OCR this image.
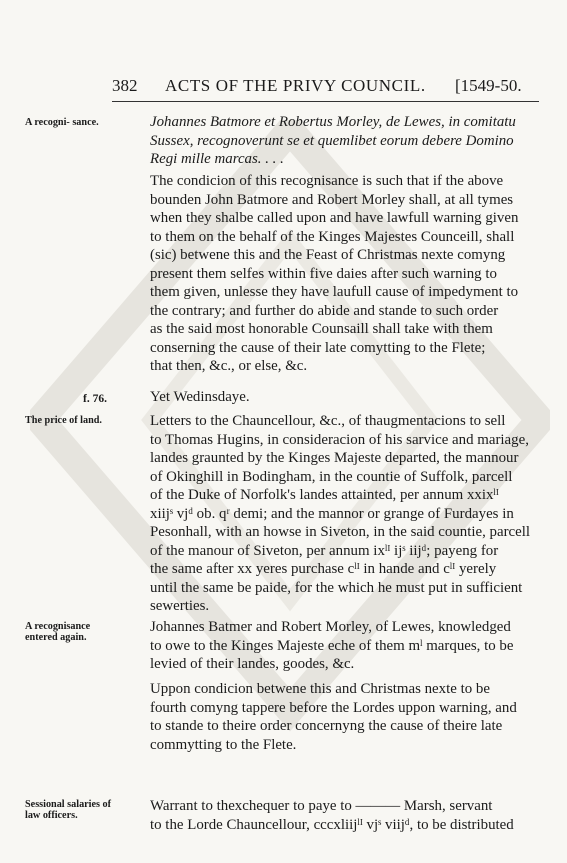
382 ACTS OF THE PRIVY COUNCIL. [1549-50.
A recogni- sance.	Johannes Batmore et Robertus Morley, de Lewes, in comitatu
Sussex, recognoverunt se et quemlibet eorum debere Domino
Regi mille marcas. . . .
The condicion of this recognisance is such that if the above
bounden John Batmore and Robert Morley shall, at all tymes
when they shalbe called upon and have lawfull warning given
to them on the behalf of the Kinges Majestes Counceill, shall
(sic) betwene this and the Feast of Christmas nexte comyng
present them selfes within five daies after such warning to
them given, unlesse they have laufull cause of impedyment to
the contrary; and further do abide and stande to such order
as the said most honorable Counsaill shall take with them
conserning the cause of their late comytting to the Flete;
that then, &c., or else, &c.
f. 76.	Yet Wedinsdaye.
The price of land.	Letters to the Chauncellour, &c., of thaugmentacions to sell
to Thomas Hugins, in consideracion of his sarvice and mariage,
landes graunted by the Kinges Majeste departed, the mannour
of Okinghill in Bodingham, in the countie of Suffolk, parcell
of the Duke of Norfolk's landes attainted, per annum xxixˡᴵ
xiijˢ vjᵈ ob. qʳ demi; and the mannor or grange of Furdayes in
Pesonhall, with an howse in Siveton, in the said countie, parcell
of the manour of Siveton, per annum ixˡᴵ ijˢ iijᵈ; payeng for
the same after xx yeres purchase cˡᴵ in hande and cˡᴵ yerely
until the same be paide, for the which he must put in sufficient
sewerties.
A recognisance entered again.
Johannes Batmer and Robert Morley, of Lewes, knowledged
to owe to the Kinges Majeste eche of them mˡ marques, to be
levied of their landes, goodes, &c.
Uppon condicion betwene this and Christmas nexte to be
fourth comyng tappere before the Lordes uppon warning, and
to stande to theire order concernyng the cause of theire late
commytting to the Flete.
Sessional salaries of law officers.
Warrant to thexchequer to paye to ——— Marsh, servant
to the Lorde Chauncellour, cccxliijˡᴵ vjˢ viijᵈ, to be distributed
